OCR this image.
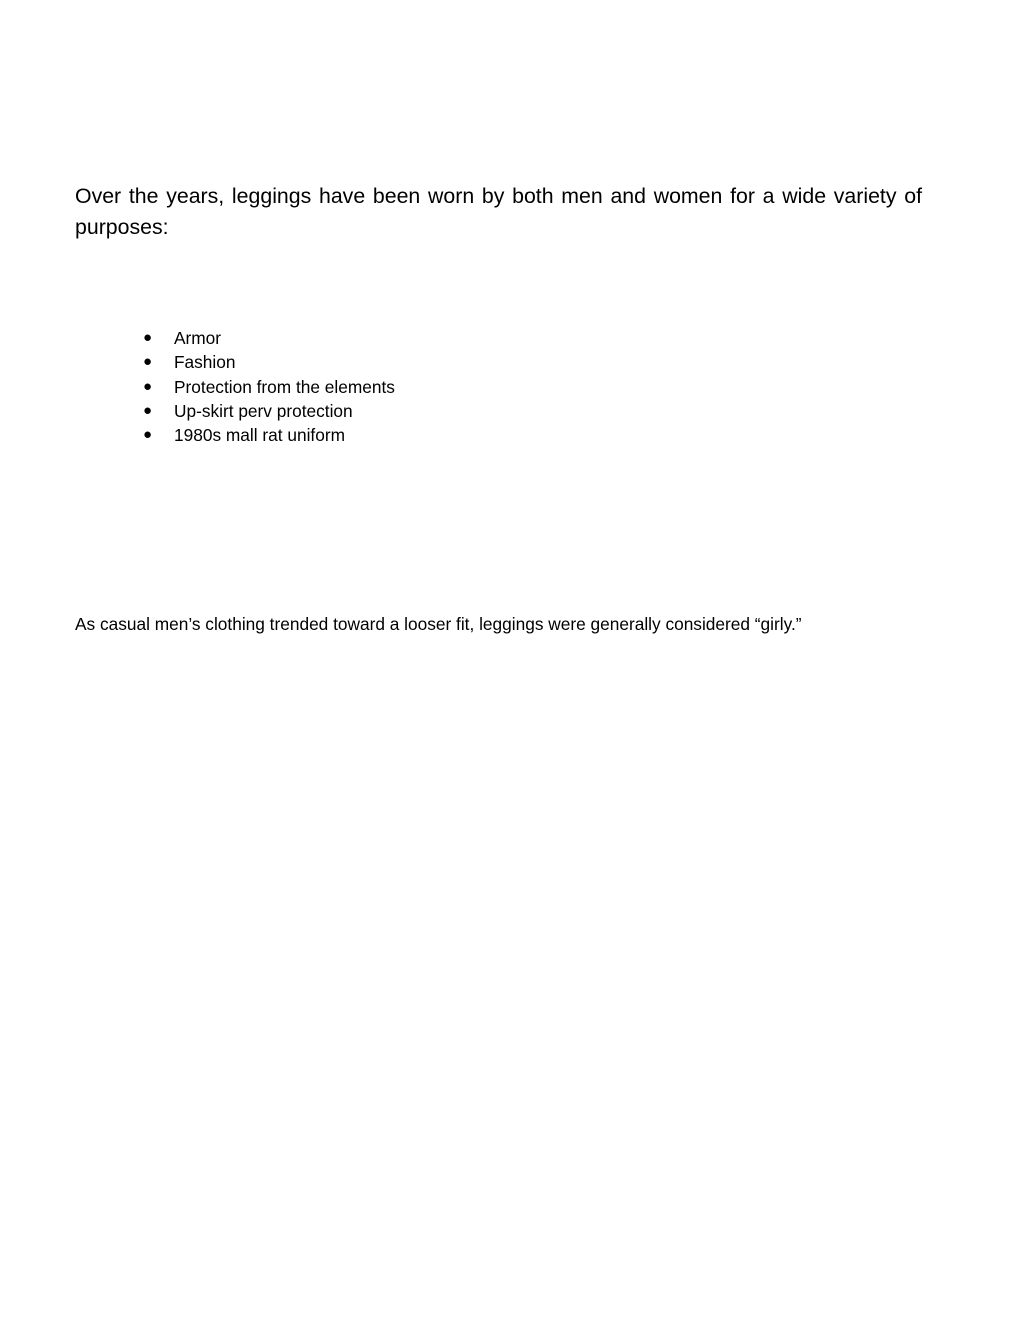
Over the years, leggings have been worn by both men and women for a wide variety of purposes:

● Armor
● Fashion
● Protection from the elements
● Up-skirt perv protection
● 1980s mall rat uniform

As casual men’s clothing trended toward a looser fit, leggings were generally considered “girly.”
